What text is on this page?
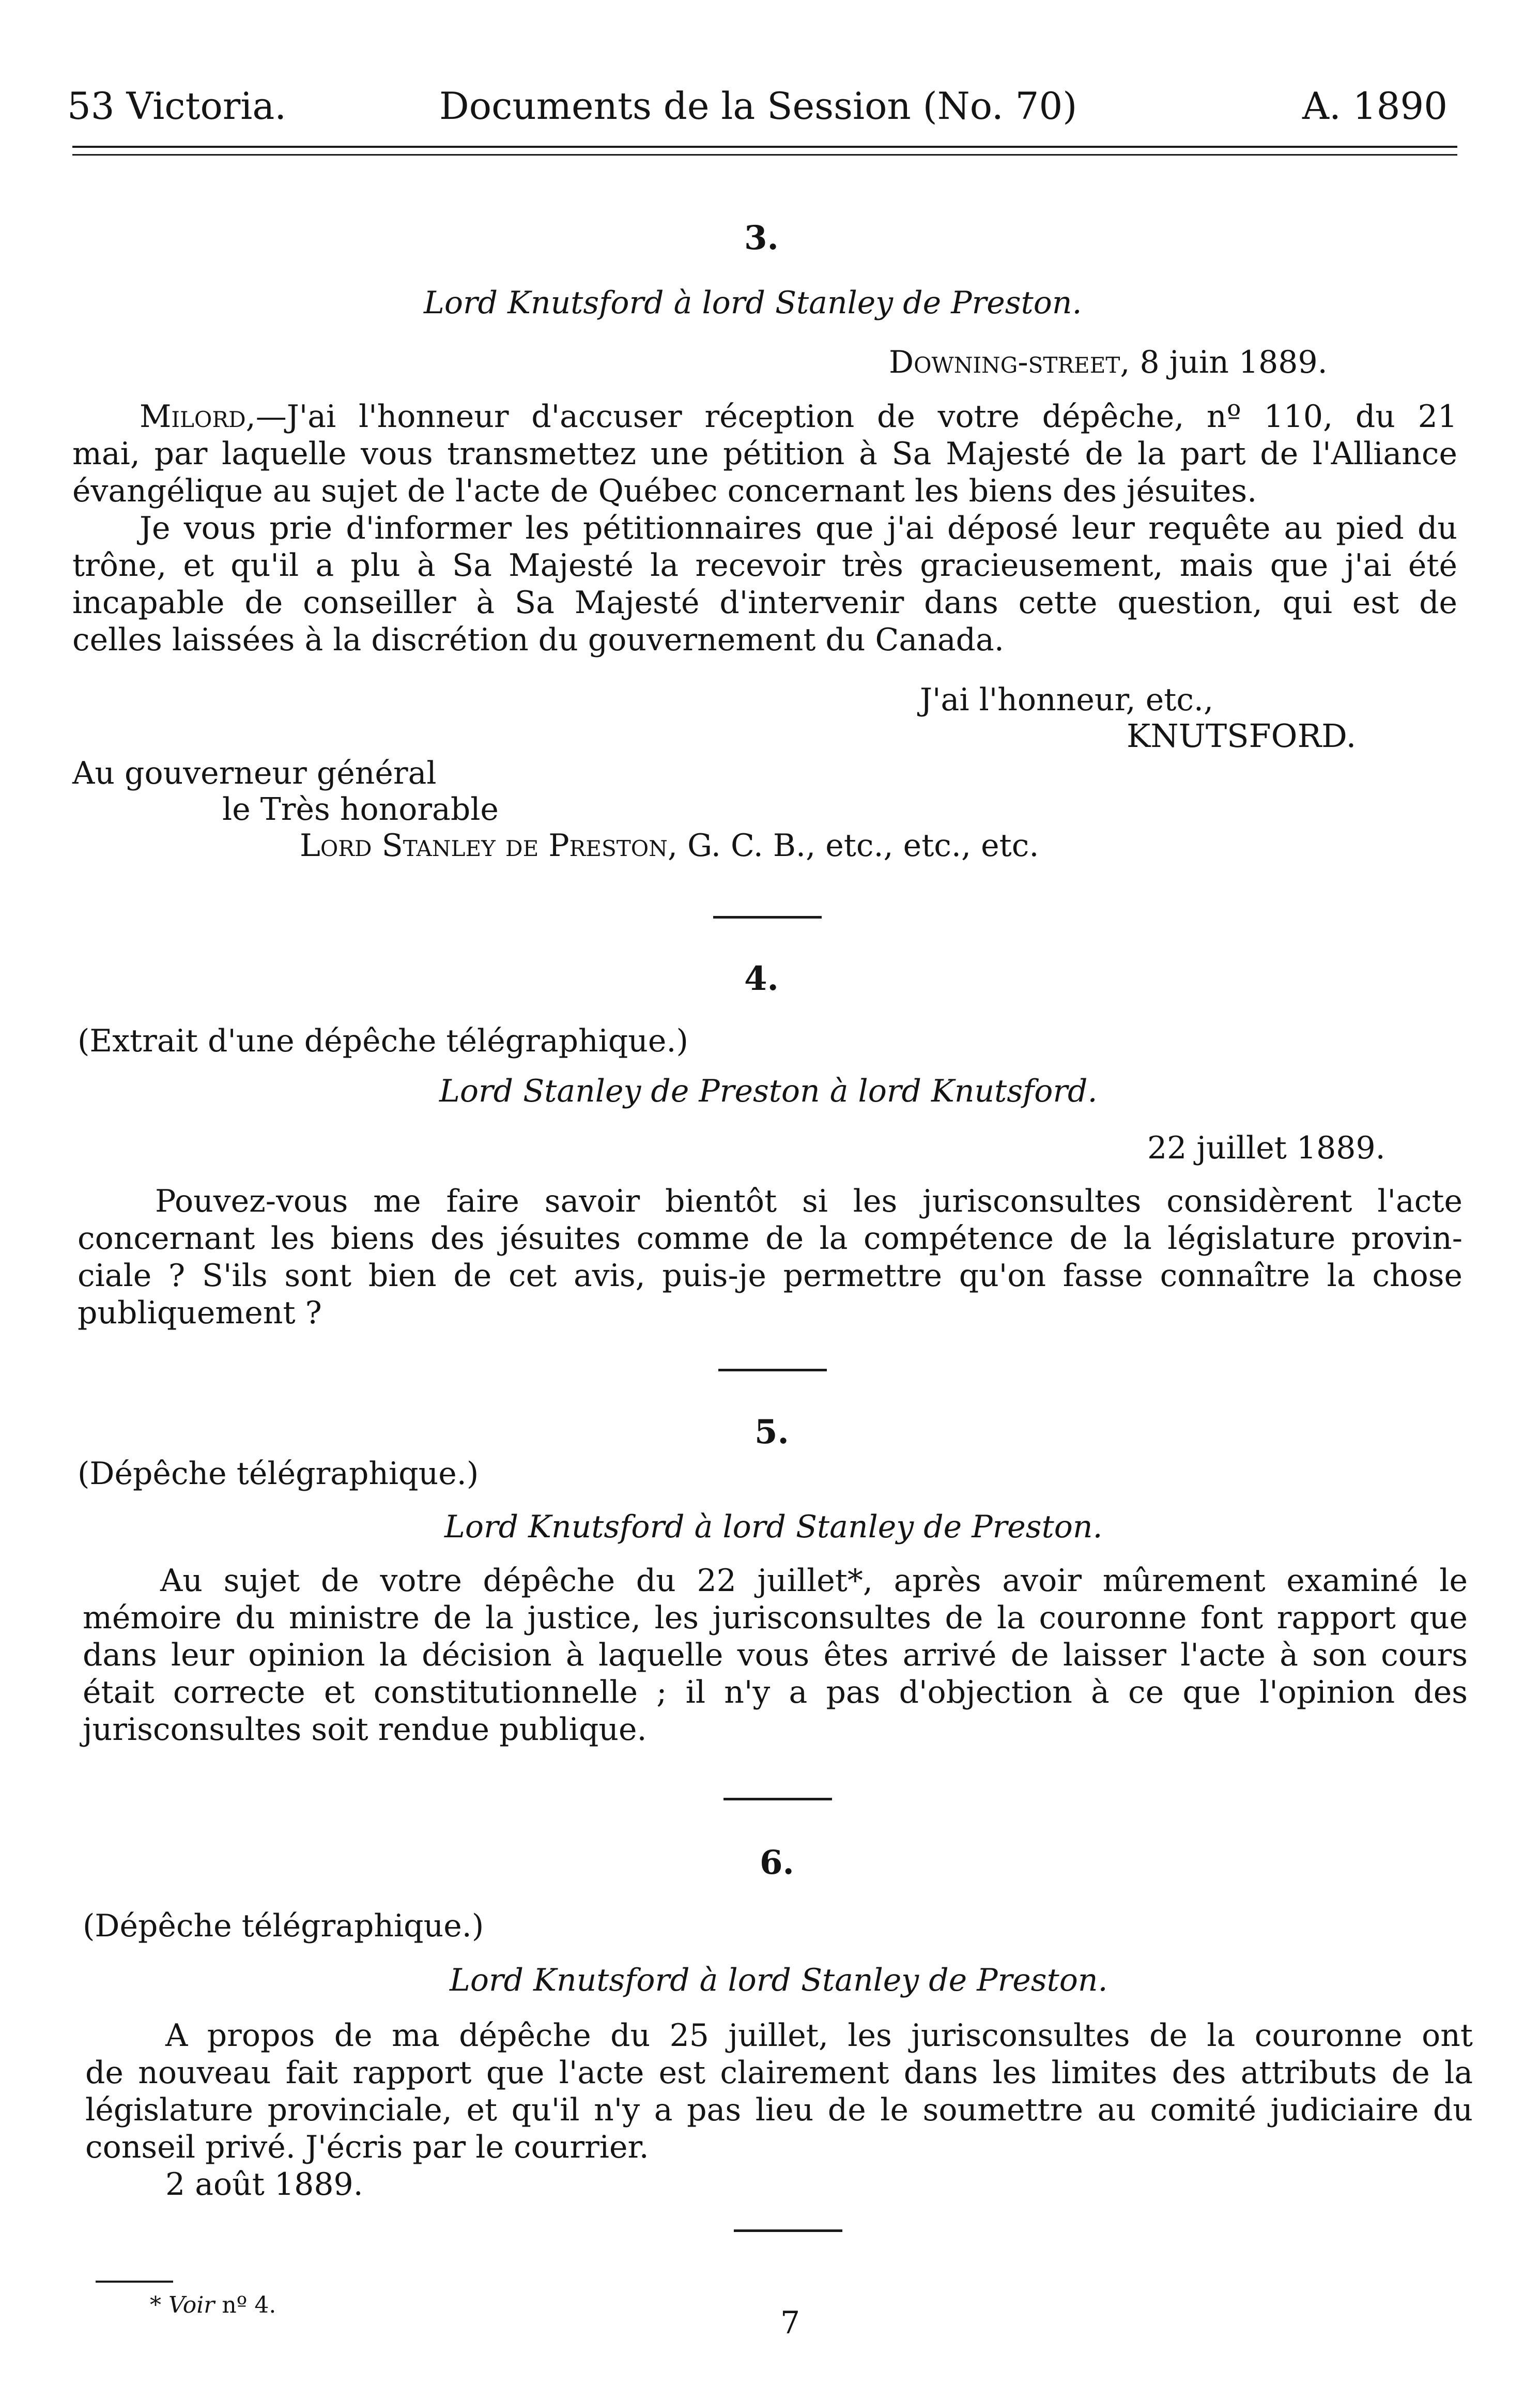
53 Victoria.	Documents de la Session (No. 70)	A. 1890
3.
Lord Knutsford à lord Stanley de Preston.
Downing-street, 8 juin 1889.
Milord,—J'ai l'honneur d'accuser réception de votre dépêche, nº 110, du 21
mai, par laquelle vous transmettez une pétition à Sa Majesté de la part de l'Alliance
évangélique au sujet de l'acte de Québec concernant les biens des jésuites.
Je vous prie d'informer les pétitionnaires que j'ai déposé leur requête au pied du
trône, et qu'il a plu à Sa Majesté la recevoir très gracieusement, mais que j'ai été
incapable de conseiller à Sa Majesté d'intervenir dans cette question, qui est de
celles laissées à la discrétion du gouvernement du Canada.
J'ai l'honneur, etc.,
KNUTSFORD.
Au gouverneur général
le Très honorable
Lord Stanley de Preston, G. C. B., etc., etc., etc.
4.
(Extrait d'une dépêche télégraphique.)
Lord Stanley de Preston à lord Knutsford.
22 juillet 1889.
Pouvez-vous me faire savoir bientôt si les jurisconsultes considèrent l'acte
concernant les biens des jésuites comme de la compétence de la législature provin-
ciale ? S'ils sont bien de cet avis, puis-je permettre qu'on fasse connaître la chose
publiquement ?
5.
(Dépêche télégraphique.)
Lord Knutsford à lord Stanley de Preston.
Au sujet de votre dépêche du 22 juillet*, après avoir mûrement examiné le
mémoire du ministre de la justice, les jurisconsultes de la couronne font rapport que
dans leur opinion la décision à laquelle vous êtes arrivé de laisser l'acte à son cours
était correcte et constitutionnelle ; il n'y a pas d'objection à ce que l'opinion des
jurisconsultes soit rendue publique.
6.
(Dépêche télégraphique.)
Lord Knutsford à lord Stanley de Preston.
A propos de ma dépêche du 25 juillet, les jurisconsultes de la couronne ont
de nouveau fait rapport que l'acte est clairement dans les limites des attributs de la
législature provinciale, et qu'il n'y a pas lieu de le soumettre au comité judiciaire du
conseil privé. J'écris par le courrier.
2 août 1889.
* Voir nº 4.	7
